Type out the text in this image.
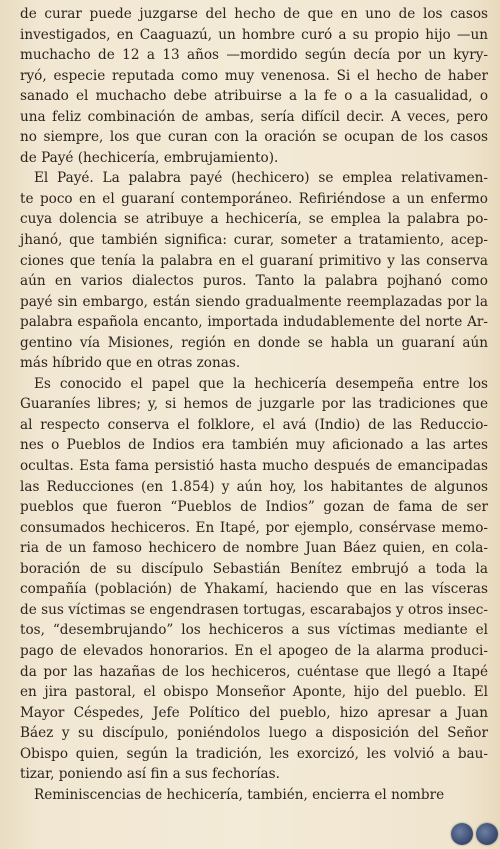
de curar puede juzgarse del hecho de que en uno de los casos
investigados, en Caaguazú, un hombre curó a su propio hijo —un
muchacho de 12 a 13 años —mordido según decía por un kyry-
ryó, especie reputada como muy venenosa. Si el hecho de haber
sanado el muchacho debe atribuirse a la fe o a la casualidad, o
una feliz combinación de ambas, sería difícil decir. A veces, pero
no siempre, los que curan con la oración se ocupan de los casos
de Payé (hechicería, embrujamiento).
El Payé. La palabra payé (hechicero) se emplea relativamen-
te poco en el guaraní contemporáneo. Refiriéndose a un enfermo
cuya dolencia se atribuye a hechicería, se emplea la palabra po-
jhanó, que también significa: curar, someter a tratamiento, acep-
ciones que tenía la palabra en el guaraní primitivo y las conserva
aún en varios dialectos puros. Tanto la palabra pojhanó como
payé sin embargo, están siendo gradualmente reemplazadas por la
palabra española encanto, importada indudablemente del norte Ar-
gentino vía Misiones, región en donde se habla un guaraní aún
más híbrido que en otras zonas.
Es conocido el papel que la hechicería desempeña entre los
Guaraníes libres; y, si hemos de juzgarle por las tradiciones que
al respecto conserva el folklore, el avá (Indio) de las Reduccio-
nes o Pueblos de Indios era también muy aficionado a las artes
ocultas. Esta fama persistió hasta mucho después de emancipadas
las Reducciones (en 1.854) y aún hoy, los habitantes de algunos
pueblos que fueron “Pueblos de Indios” gozan de fama de ser
consumados hechiceros. En Itapé, por ejemplo, consérvase memo-
ria de un famoso hechicero de nombre Juan Báez quien, en cola-
boración de su discípulo Sebastián Benítez embrujó a toda la
compañía (población) de Yhakamí, haciendo que en las vísceras
de sus víctimas se engendrasen tortugas, escarabajos y otros insec-
tos, “desembrujando” los hechiceros a sus víctimas mediante el
pago de elevados honorarios. En el apogeo de la alarma produci-
da por las hazañas de los hechiceros, cuéntase que llegó a Itapé
en jira pastoral, el obispo Monseñor Aponte, hijo del pueblo. El
Mayor Céspedes, Jefe Político del pueblo, hizo apresar a Juan
Báez y su discípulo, poniéndolos luego a disposición del Señor
Obispo quien, según la tradición, les exorcizó, les volvió a bau-
tizar, poniendo así fin a sus fechorías.
Reminiscencias de hechicería, también, encierra el nombre
